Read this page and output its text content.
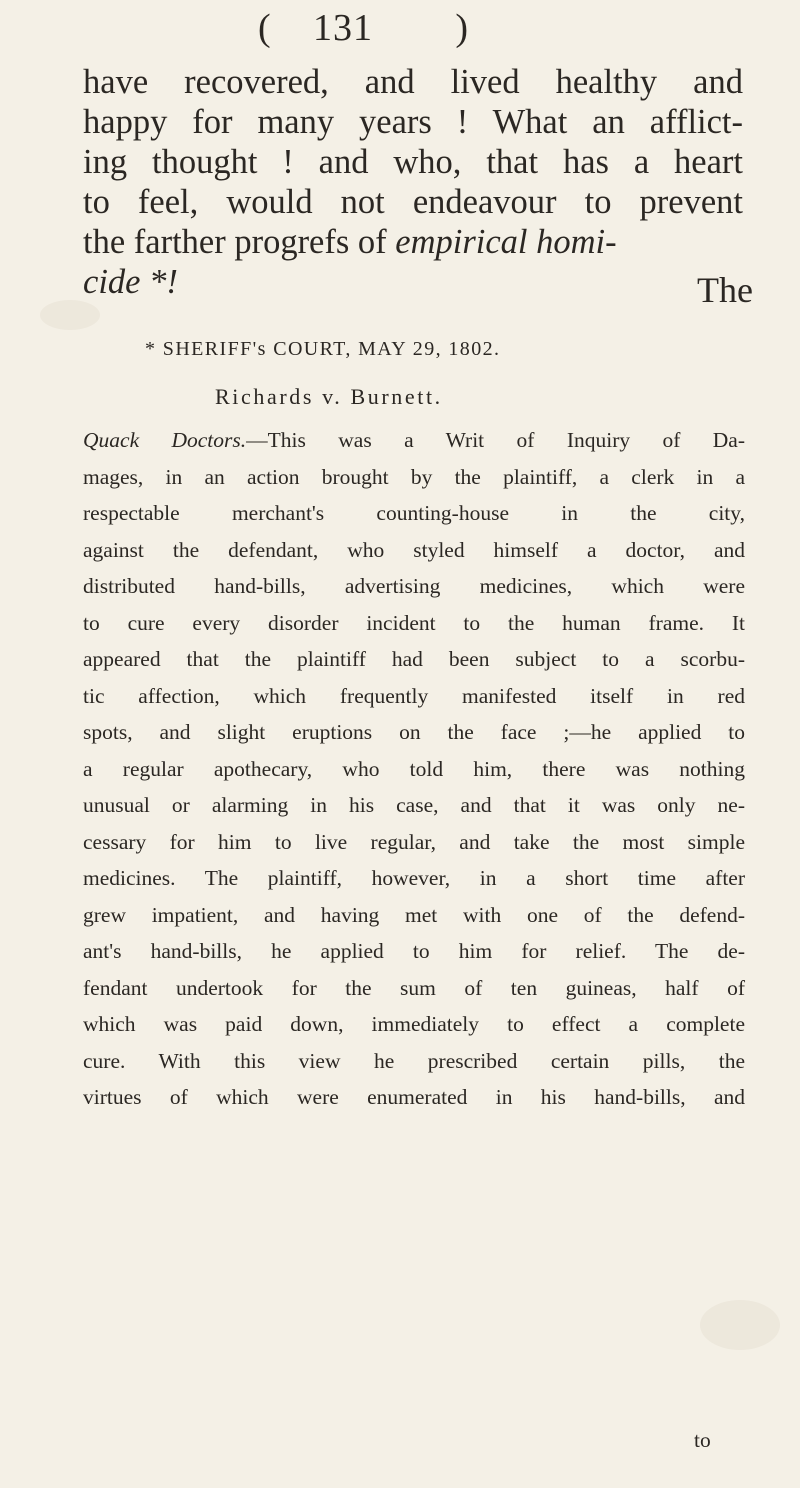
( 131 )
have recovered, and lived healthy and
happy for many years ! What an afflict-
ing thought ! and who, that has a heart
to feel, would not endeavour to prevent
the farther progrefs of empirical homi-
cide *!	The
* SHERIFF's COURT, MAY 29, 1802.
Richards v. Burnett.
Quack Doctors.—This was a Writ of Inquiry of Da-
mages, in an action brought by the plaintiff, a clerk in a
respectable merchant's counting-house in the city,
against the defendant, who styled himself a doctor, and
distributed hand-bills, advertising medicines, which were
to cure every disorder incident to the human frame. It
appeared that the plaintiff had been subject to a scorbu-
tic affection, which frequently manifested itself in red
spots, and slight eruptions on the face ;—he applied to
a regular apothecary, who told him, there was nothing
unusual or alarming in his case, and that it was only ne-
cessary for him to live regular, and take the most simple
medicines. The plaintiff, however, in a short time after
grew impatient, and having met with one of the defend-
ant's hand-bills, he applied to him for relief. The de-
fendant undertook for the sum of ten guineas, half of
which was paid down, immediately to effect a complete
cure. With this view he prescribed certain pills, the
virtues of which were enumerated in his hand-bills, and
to
